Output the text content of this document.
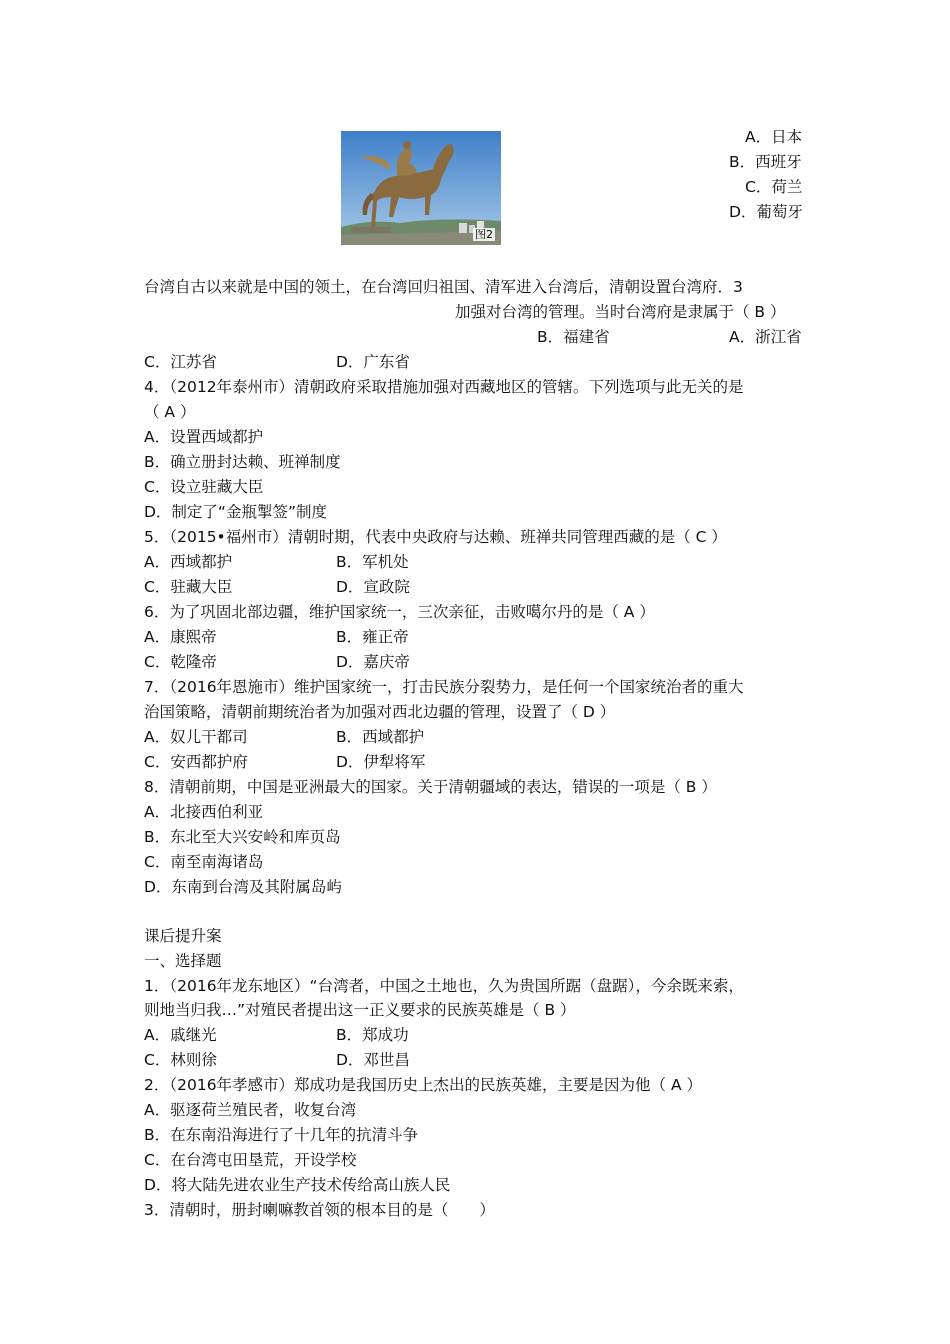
图2
A．日本
B．西班牙
C．荷兰
D．葡萄牙
台湾自古以来就是中国的领土，在台湾回归祖国、清军进入台湾后，清朝设置台湾府．3
加强对台湾的管理。当时台湾府是隶属于（ B ）
B．福建省	A．浙江省
C．江苏省	D．广东省
4．（2012年泰州市）清朝政府采取措施加强对西藏地区的管辖。下列选项与此无关的是
（ A ）
A．设置西域都护
B．确立册封达赖、班禅制度
C．设立驻藏大臣
D．制定了“金瓶掣签”制度
5．（2015•福州市）清朝时期，代表中央政府与达赖、班禅共同管理西藏的是（ C ）
A．西域都护	B．军机处
C．驻藏大臣	D．宣政院
6．为了巩固北部边疆，维护国家统一，三次亲征，击败噶尔丹的是（ A ）
A．康熙帝	B．雍正帝
C．乾隆帝	D．嘉庆帝
7．（2016年恩施市）维护国家统一，打击民族分裂势力，是任何一个国家统治者的重大
治国策略，清朝前期统治者为加强对西北边疆的管理，设置了（ D ）
A．奴儿干都司	B．西域都护
C．安西都护府	D．伊犁将军
8．清朝前期，中国是亚洲最大的国家。关于清朝疆域的表达，错误的一项是（ B ）
A．北接西伯利亚
B．东北至大兴安岭和库页岛
C．南至南海诸岛
D．东南到台湾及其附属岛屿
课后提升案
一、选择题
1．（2016年龙东地区）“台湾者，中国之土地也，久为贵国所踞（盘踞），今余既来索，
则地当归我…”对殖民者提出这一正义要求的民族英雄是（ B ）
A．戚继光	B．郑成功
C．林则徐	D．邓世昌
2．（2016年孝感市）郑成功是我国历史上杰出的民族英雄，主要是因为他（ A ）
A．驱逐荷兰殖民者，收复台湾
B．在东南沿海进行了十几年的抗清斗争
C．在台湾屯田垦荒，开设学校
D．将大陆先进农业生产技术传给高山族人民
3．清朝时，册封喇嘛教首领的根本目的是（　　）
